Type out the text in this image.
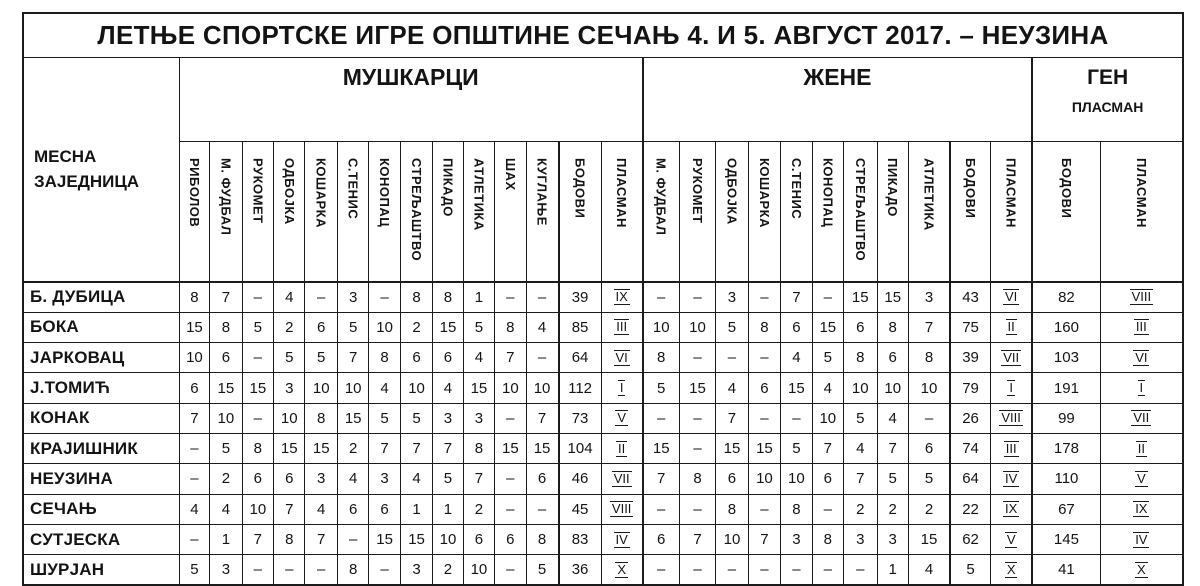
ЛЕТЊЕ СПОРТСКЕ ИГРЕ ОПШТИНЕ СЕЧАЊ 4. И 5. АВГУСТ 2017. – НЕУЗИНА																											

МЕСНА
ЗАЈЕДНИЦА	МУШКАРЦИ														ЖЕНЕ											ГЕН
ПЛАСМАН	

	РИБОЛОВ	М. ФУДБАЛ	РУКОМЕТ	ОДБОЈКА	КОШАРКА	С.ТЕНИС	КОНОПАЦ	СТРЕЉАШТВО	ПИКАДО	АТЛЕТИКА	ШАХ	КУГЛАЊЕ	БОДОВИ	ПЛАСМАН	М. ФУДБАЛ	РУКОМЕТ	ОДБОЈКА	КОШАРКА	С.ТЕНИС	КОНОПАЦ	СТРЕЉАШТВО	ПИКАДО	АТЛЕТИКА	БОДОВИ	ПЛАСМАН	БОДОВИ	ПЛАСМАН
Б. ДУБИЦА	8	7	–	4	–	3	–	8	8	1	–	–	39	IX	–	–	3	–	7	–	15	15	3	43	VI	82	VIII
БОКА	15	8	5	2	6	5	10	2	15	5	8	4	85	III	10	10	5	8	6	15	6	8	7	75	II	160	III
ЈАРКОВАЦ	10	6	–	5	5	7	8	6	6	4	7	–	64	VI	8	–	–	–	4	5	8	6	8	39	VII	103	VI
Ј.ТОМИЋ	6	15	15	3	10	10	4	10	4	15	10	10	112	I	5	15	4	6	15	4	10	10	10	79	I	191	I
КОНАК	7	10	–	10	8	15	5	5	3	3	–	7	73	V	–	–	7	–	–	10	5	4	–	26	VIII	99	VII
КРАЈИШНИК	–	5	8	15	15	2	7	7	7	8	15	15	104	II	15	–	15	15	5	7	4	7	6	74	III	178	II
НЕУЗИНА	–	2	6	6	3	4	3	4	5	7	–	6	46	VII	7	8	6	10	10	6	7	5	5	64	IV	110	V
СЕЧАЊ	4	4	10	7	4	6	6	1	1	2	–	–	45	VIII	–	–	8	–	8	–	2	2	2	22	IX	67	IX
СУТЈЕСКА	–	1	7	8	7	–	15	15	10	6	6	8	83	IV	6	7	10	7	3	8	3	3	15	62	V	145	IV
ШУРЈАН	5	3	–	–	–	8	–	3	2	10	–	5	36	X	–	–	–	–	–	–	–	1	4	5	X	41	X
